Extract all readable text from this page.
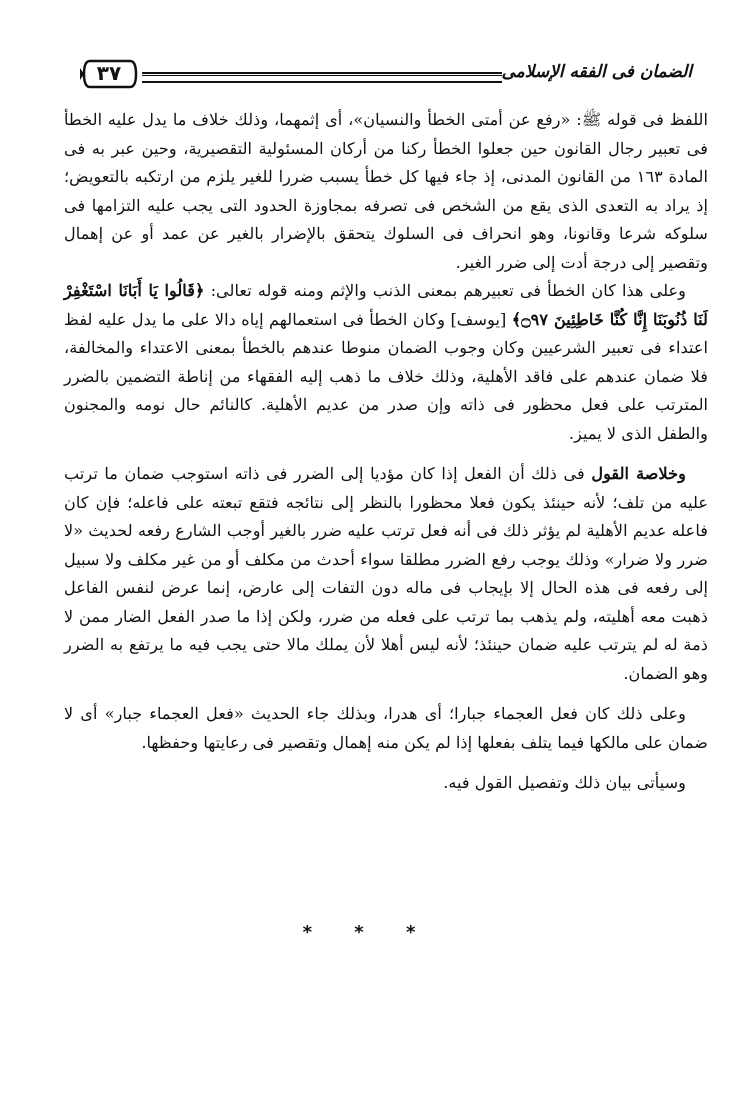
٣٧	الضمان فى الفقه الإسلامى

اللفظ فى قوله ﷺ: «رفع عن أمتى الخطأ والنسيان»، أى إثمهما، وذلك خلاف ما يدل عليه الخطأ فى تعبير رجال القانون حين جعلوا الخطأ ركنا من أركان المسئولية التقصيرية، وحين عبر به فى المادة ١٦٣ من القانون المدنى، إذ جاء فيها كل خطأ يسبب ضررا للغير يلزم من ارتكبه بالتعويض؛ إذ يراد به التعدى الذى يقع من الشخص فى تصرفه بمجاوزة الحدود التى يجب عليه التزامها فى سلوكه شرعا وقانونا، وهو انحراف فى السلوك يتحقق بالإضرار بالغير عن عمد أو عن إهمال وتقصير إلى درجة أدت إلى ضرر الغير.

وعلى هذا كان الخطأ فى تعبيرهم بمعنى الذنب والإثم ومنه قوله تعالى: ﴿قَالُوا يَا أَبَانَا اسْتَغْفِرْ لَنَا ذُنُوبَنَا إِنَّا كُنَّا خَاطِئِينَ ۝٩٧﴾ [يوسف] وكان الخطأ فى استعمالهم إياه دالا على ما يدل عليه لفظ اعتداء فى تعبير الشرعيين وكان وجوب الضمان منوطا عندهم بالخطأ بمعنى الاعتداء والمخالفة، فلا ضمان عندهم على فاقد الأهلية، وذلك خلاف ما ذهب إليه الفقهاء من إناطة التضمين بالضرر المترتب على فعل محظور فى ذاته وإن صدر من عديم الأهلية. كالنائم حال نومه والمجنون والطفل الذى لا يميز.

وخلاصة القول فى ذلك أن الفعل إذا كان مؤديا إلى الضرر فى ذاته استوجب ضمان ما ترتب عليه من تلف؛ لأنه حينئذ يكون فعلا محظورا بالنظر إلى نتائجه فتقع تبعته على فاعله؛ فإن كان فاعله عديم الأهلية لم يؤثر ذلك فى أنه فعل ترتب عليه ضرر بالغير أوجب الشارع رفعه لحديث «لا ضرر ولا ضرار» وذلك يوجب رفع الضرر مطلقا سواء أحدث من مكلف أو من غير مكلف ولا سبيل إلى رفعه فى هذه الحال إلا بإيجاب فى ماله دون التفات إلى عارض، إنما عرض لنفس الفاعل ذهبت معه أهليته، ولم يذهب بما ترتب على فعله من ضرر، ولكن إذا ما صدر الفعل الضار ممن لا ذمة له لم يترتب عليه ضمان حينئذ؛ لأنه ليس أهلا لأن يملك مالا حتى يجب فيه ما يرتفع به الضرر وهو الضمان.

وعلى ذلك كان فعل العجماء جبارا؛ أى هدرا، وبذلك جاء الحديث «فعل العجماء جبار» أى لا ضمان على مالكها فيما يتلف بفعلها إذا لم يكن منه إهمال وتقصير فى رعايتها وحفظها.

وسيأتى بيان ذلك وتفصيل القول فيه.

* * *
